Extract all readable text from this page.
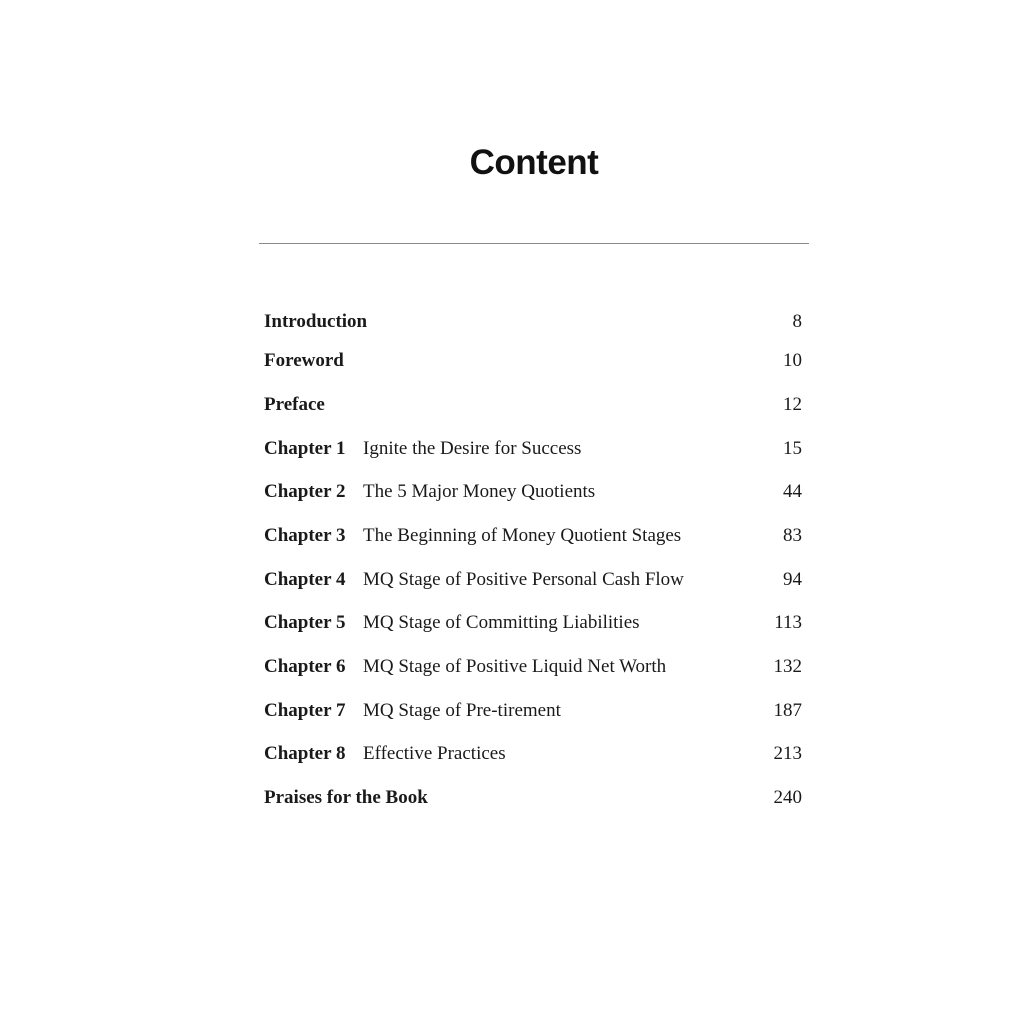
Content
Introduction	8
Foreword	10
Preface	12
Chapter 1 Ignite the Desire for Success	15
Chapter 2 The 5 Major Money Quotients	44
Chapter 3 The Beginning of Money Quotient Stages	83
Chapter 4 MQ Stage of Positive Personal Cash Flow	94
Chapter 5 MQ Stage of Committing Liabilities	113
Chapter 6 MQ Stage of Positive Liquid Net Worth	132
Chapter 7 MQ Stage of Pre-tirement	187
Chapter 8 Effective Practices	213
Praises for the Book	240
